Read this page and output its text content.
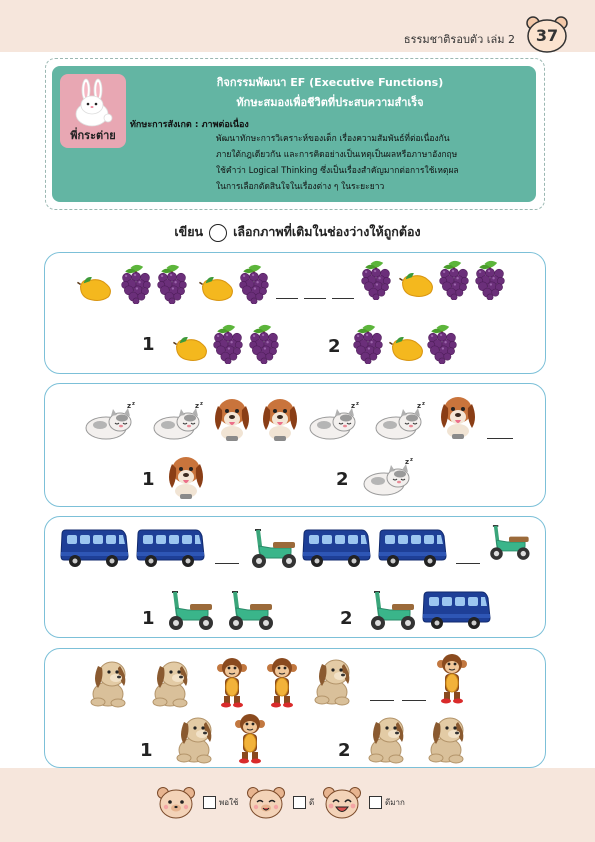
ธรรมชาติรอบตัว เล่ม 2	37
พี่กระต่าย
กิจกรรมพัฒนา EF (Executive Functions)
ทักษะสมองเพื่อชีวิตที่ประสบความสำเร็จ
ทักษะการสังเกต : ภาพต่อเนื่อง
พัฒนาทักษะการวิเคราะห์ของเด็ก เรื่องความสัมพันธ์ที่ต่อเนื่องกัน
ภายใต้กฎเดียวกัน และการคิดอย่างเป็นเหตุเป็นผลหรือภาษาอังกฤษ
ใช้คำว่า Logical Thinking ซึ่งเป็นเรื่องสำคัญมากต่อการใช้เหตุผล
ในการเลือกตัดสินใจในเรื่องต่าง ๆ ในระยะยาว
เขียน เลือกภาพที่เติมในช่องว่างให้ถูกต้อง
1	2
1	2
1	2
1	2
พอใช้	ดี	ดีมาก
